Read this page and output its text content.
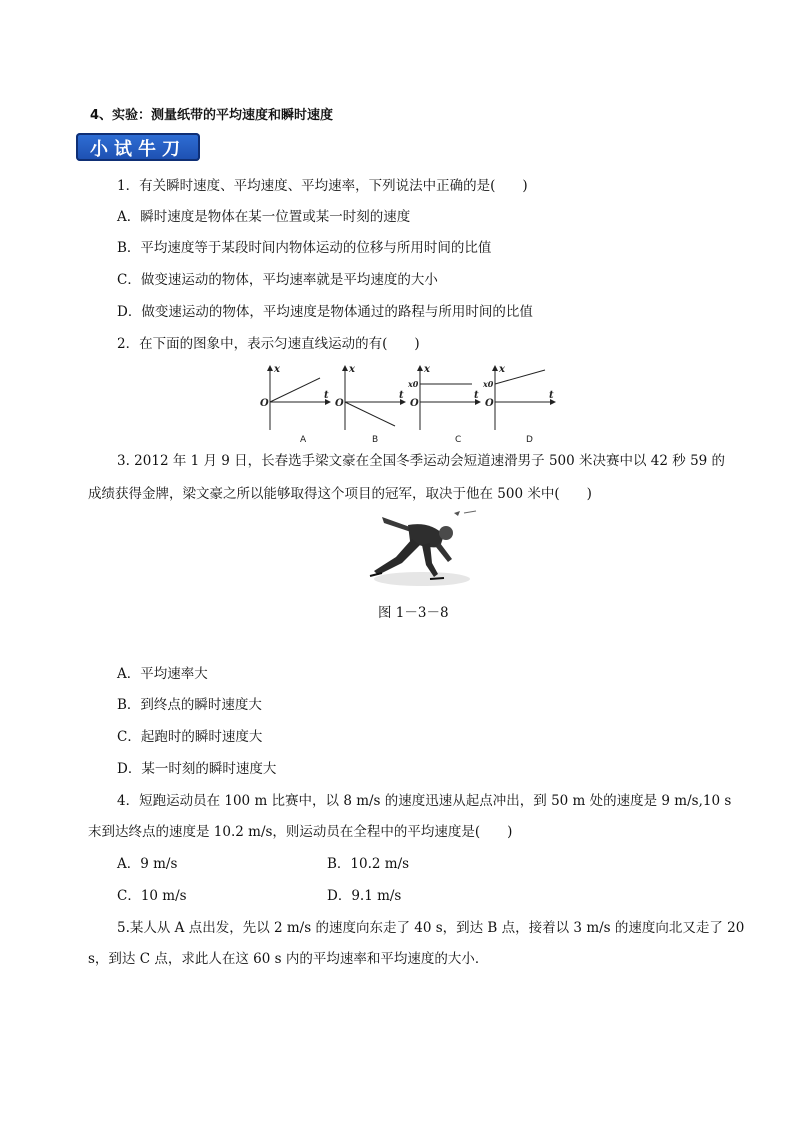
4、实验：测量纸带的平均速度和瞬时速度
小试牛刀
1．有关瞬时速度、平均速度、平均速率，下列说法中正确的是(　　)
A．瞬时速度是物体在某一位置或某一时刻的速度
B．平均速度等于某段时间内物体运动的位移与所用时间的比值
C．做变速运动的物体，平均速率就是平均速度的大小
D．做变速运动的物体，平均速度是物体通过的路程与所用时间的比值
2．在下面的图象中，表示匀速直线运动的有(　　)
x
t
O
A
x
t
O
B
x
t
O
x0
C
x
t
O
x0
D
3. 2012 年 1 月 9 日，长春选手梁文豪在全国冬季运动会短道速滑男子 500 米决赛中以 42 秒 59 的
成绩获得金牌，梁文豪之所以能够取得这个项目的冠军，取决于他在 500 米中(　　)
图 1－3－8
A．平均速率大
B．到终点的瞬时速度大
C．起跑时的瞬时速度大
D．某一时刻的瞬时速度大
4．短跑运动员在 100 m 比赛中，以 8 m/s 的速度迅速从起点冲出，到 50 m 处的速度是 9 m/s,10 s
末到达终点的速度是 10.2 m/s，则运动员在全程中的平均速度是(　　)
A．9 m/s	B．10.2 m/s
C．10 m/s	D．9.1 m/s
5.某人从 A 点出发，先以 2 m/s 的速度向东走了 40 s，到达 B 点，接着以 3 m/s 的速度向北又走了 20
s，到达 C 点，求此人在这 60 s 内的平均速率和平均速度的大小．
